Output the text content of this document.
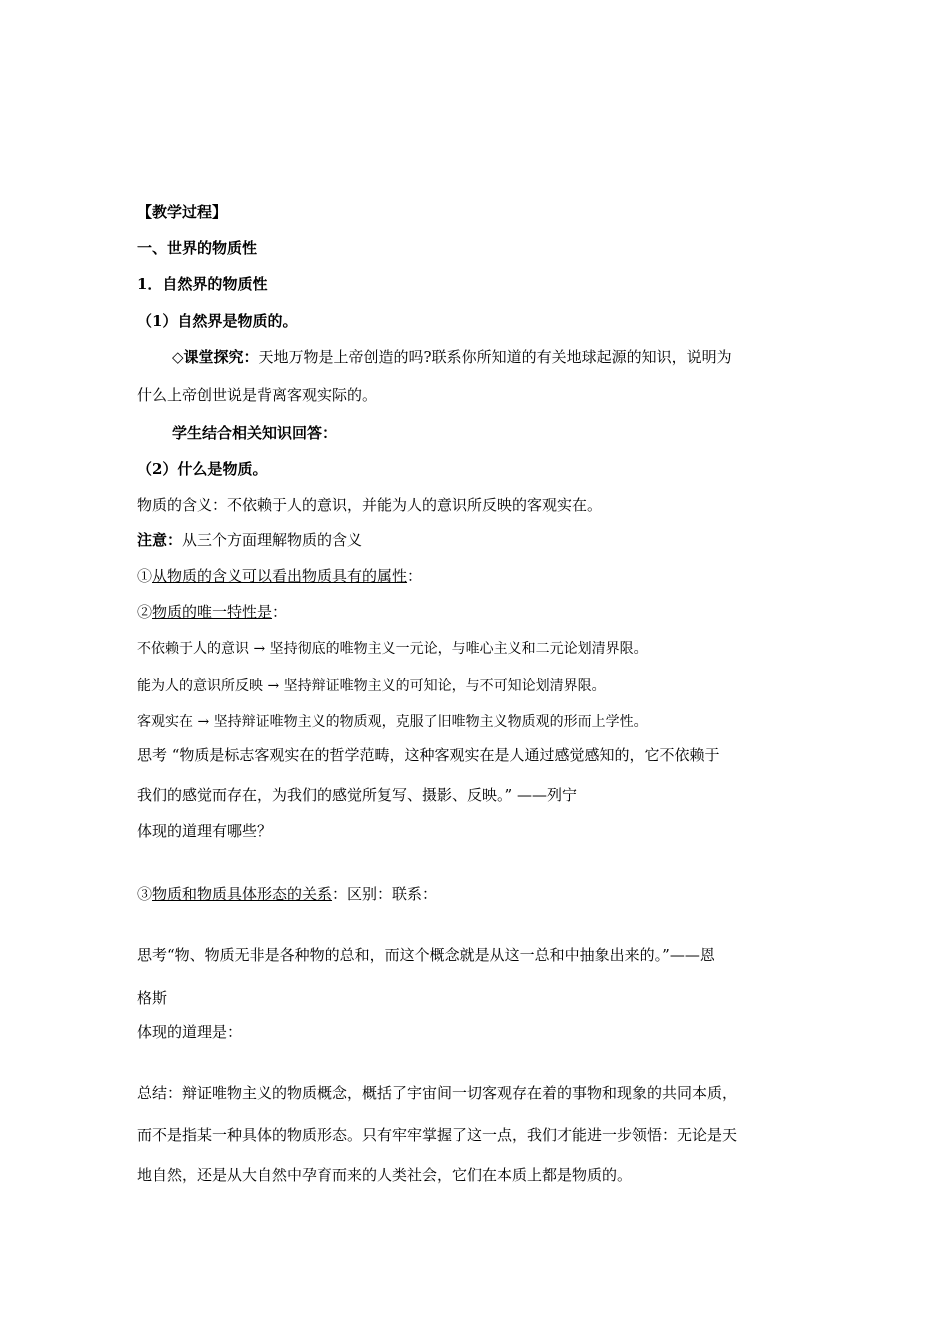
【教学过程】
一、世界的物质性
1．自然界的物质性
（1）自然界是物质的。
◇课堂探究：天地万物是上帝创造的吗?联系你所知道的有关地球起源的知识，说明为
什么上帝创世说是背离客观实际的。
学生结合相关知识回答：
（2）什么是物质。
物质的含义：不依赖于人的意识，并能为人的意识所反映的客观实在。
注意：从三个方面理解物质的含义
①从物质的含义可以看出物质具有的属性：
②物质的唯一特性是：
不依赖于人的意识 → 坚持彻底的唯物主义一元论，与唯心主义和二元论划清界限。
能为人的意识所反映 → 坚持辩证唯物主义的可知论，与不可知论划清界限。
客观实在 → 坚持辩证唯物主义的物质观，克服了旧唯物主义物质观的形而上学性。
思考 “物质是标志客观实在的哲学范畴，这种客观实在是人通过感觉感知的，它不依赖于
我们的感觉而存在，为我们的感觉所复写、摄影、反映。” ——列宁
体现的道理有哪些？
③物质和物质具体形态的关系：区别：联系：
思考“物、物质无非是各种物的总和，而这个概念就是从这一总和中抽象出来的。”——恩
格斯
体现的道理是：
总结：辩证唯物主义的物质概念，概括了宇宙间一切客观存在着的事物和现象的共同本质，
而不是指某一种具体的物质形态。只有牢牢掌握了这一点，我们才能进一步领悟：无论是天
地自然，还是从大自然中孕育而来的人类社会，它们在本质上都是物质的。
